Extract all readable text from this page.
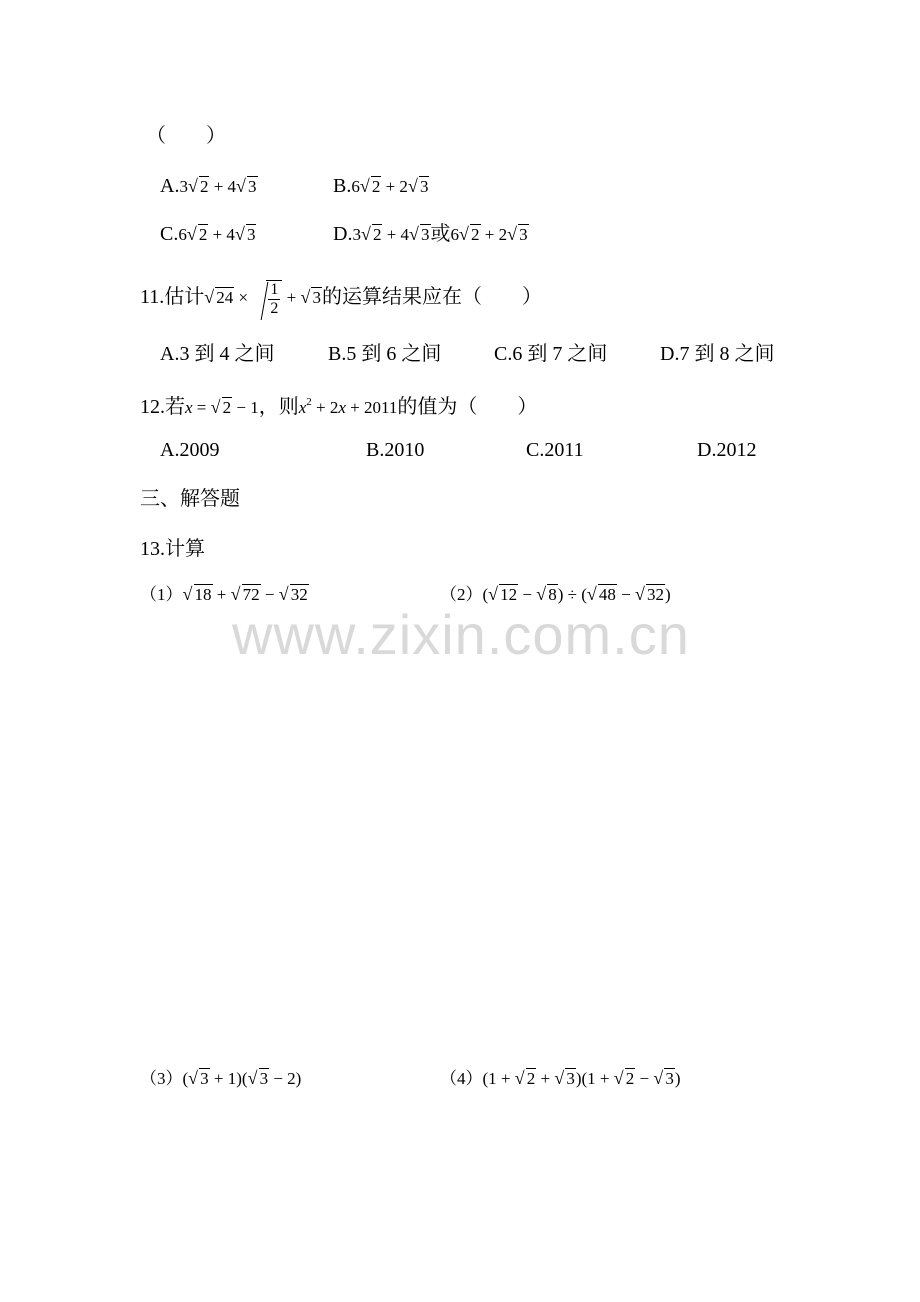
（　　）
A.3 √ 2 + 4 √ 3	B.6 √ 2 + 2 √ 3
C.6 √ 2 + 4 √ 3	D.3 √ 2 + 4 √ 3或6 √ 2 + 2 √ 3
11.估计 √ $24 \times \frac{1}{2}$ + √ 3的运算结果应在（　　）
A.3 到 4 之间	B.5 到 6 之间	C.6 到 7 之间	D.7 到 8 之间
12.若x = √ 2 − 1，则$x^2 + 2x + 2011$的值为（　　）
A.2009	B.2010	C.2011	D.2012
三、解答题
13.计算
（1） √ 18 + √ 72 − √ 32	（2）( √ 12 − √ 8) ÷ ( √ 48 − √ 32)
www.zixin.com.cn
（3）( √ 3 + 1)( √ 3 − 2)	（4）(1 + √ 2 + √ 3)(1 + √ 2 − √ 3)
